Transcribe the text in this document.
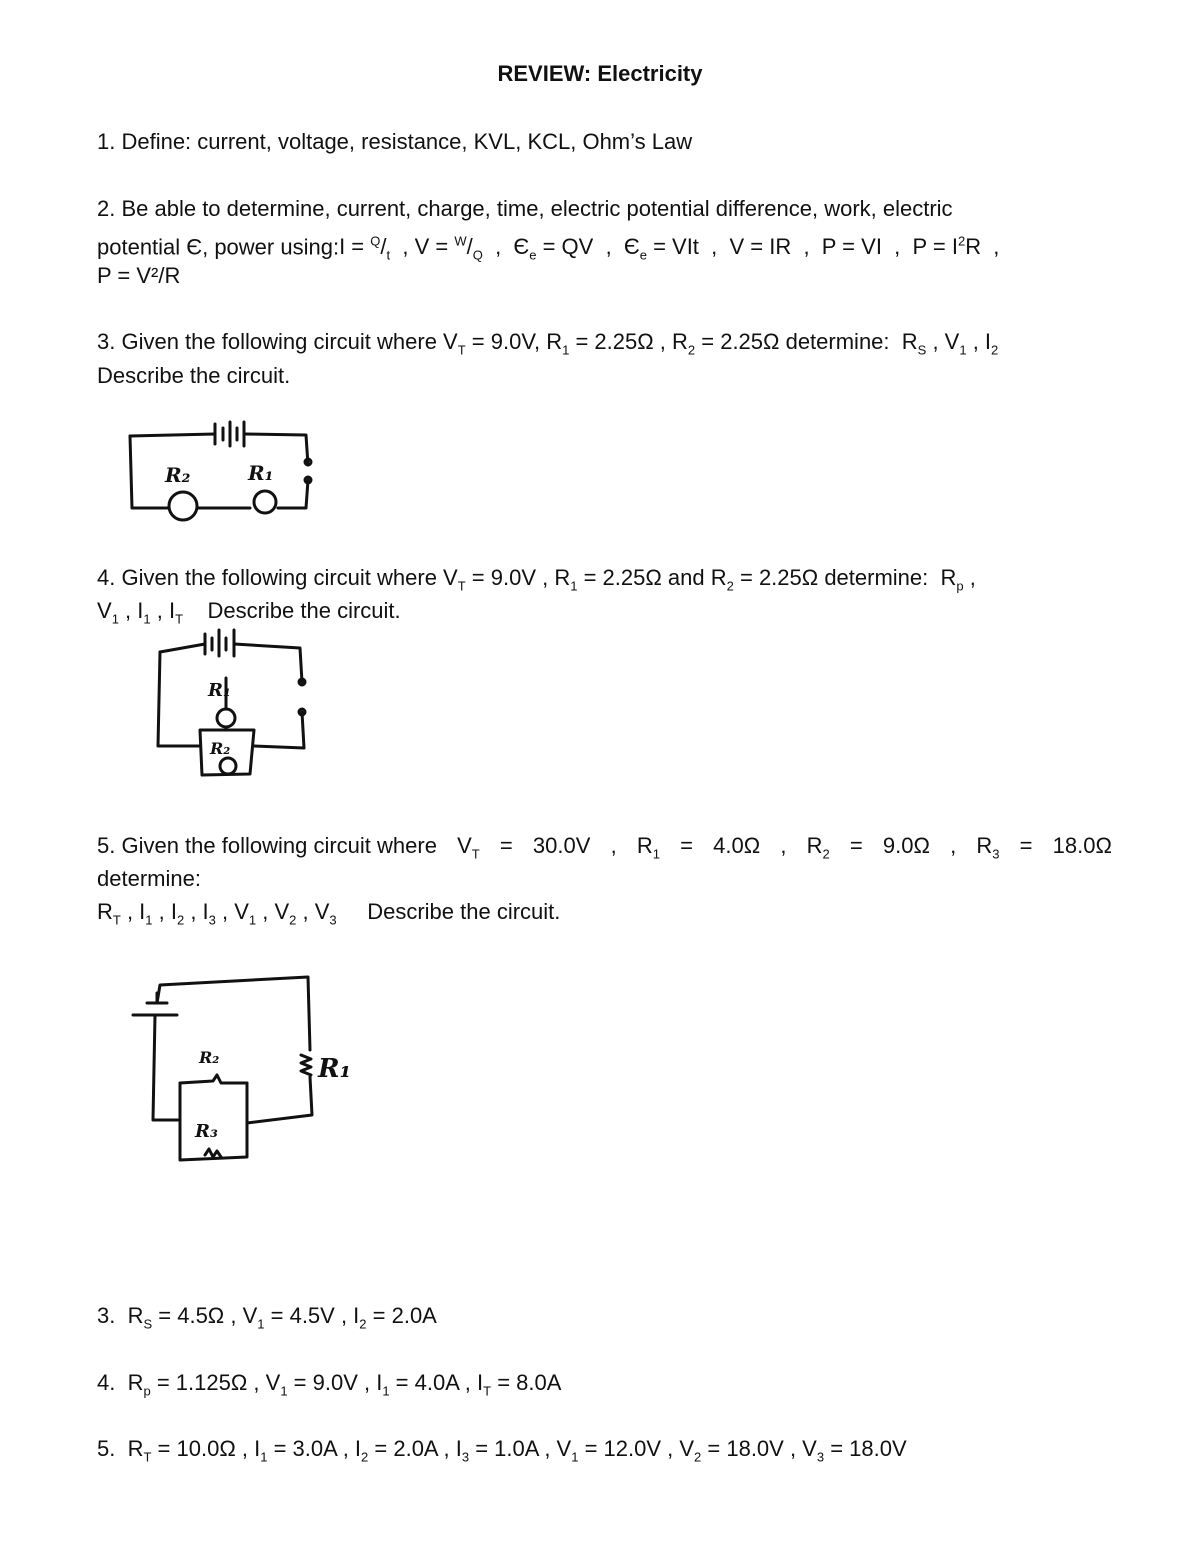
REVIEW: Electricity
1. Define: current, voltage, resistance, KVL, KCL, Ohm’s Law
2. Be able to determine, current, charge, time, electric potential difference, work, electric
potential Є, power using:I = $^Q/_t$  , $V = ^W/_Q$  ,  $Є_e$ = QV  ,  $Є_e$ = VIt  ,  V = IR  ,  P = VI  ,  $P = I^2R$  ,
P = V²/R
3. Given the following circuit where $V_T = 9.0V$, $R_1 = 2.25\Omega$ , $R_2 = 2.25\Omega$ determine:  $R_S$ , $V_1$ , $I_2$
Describe the circuit.
R₂	R₁
4. Given the following circuit where $V_T = 9.0V$ , $R_1 = 2.25\Omega$ and $R_2 = 2.25\Omega$ determine:  $R_p$ ,
$V_1$ , $I_1$ , $I_T$ Describe the circuit.
R₁
R₂
5. Given the following circuit where $V_T = 30.0V$ , $R_1 = 4.0\Omega$ , $R_2 = 9.0\Omega$ , $R_3 = 18.0\Omega$
determine:
$R_T$ , $I_1$ , $I_2$ , $I_3$ , $V_1$ , $V_2$ , $V_3$ Describe the circuit.
R₁
R₂
R₃
3.  $R_S = 4.5\Omega$ , $V_1 = 4.5V$ , $I_2 = 2.0A$
4.  $R_p = 1.125\Omega$ , $V_1 = 9.0V$ , $I_1 = 4.0A$ , $I_T = 8.0A$
5.  $R_T = 10.0\Omega$ , $I_1 = 3.0A$ , $I_2 = 2.0A$ , $I_3 = 1.0A$ , $V_1 = 12.0V$ , $V_2 = 18.0V$ , $V_3 = 18.0V$
